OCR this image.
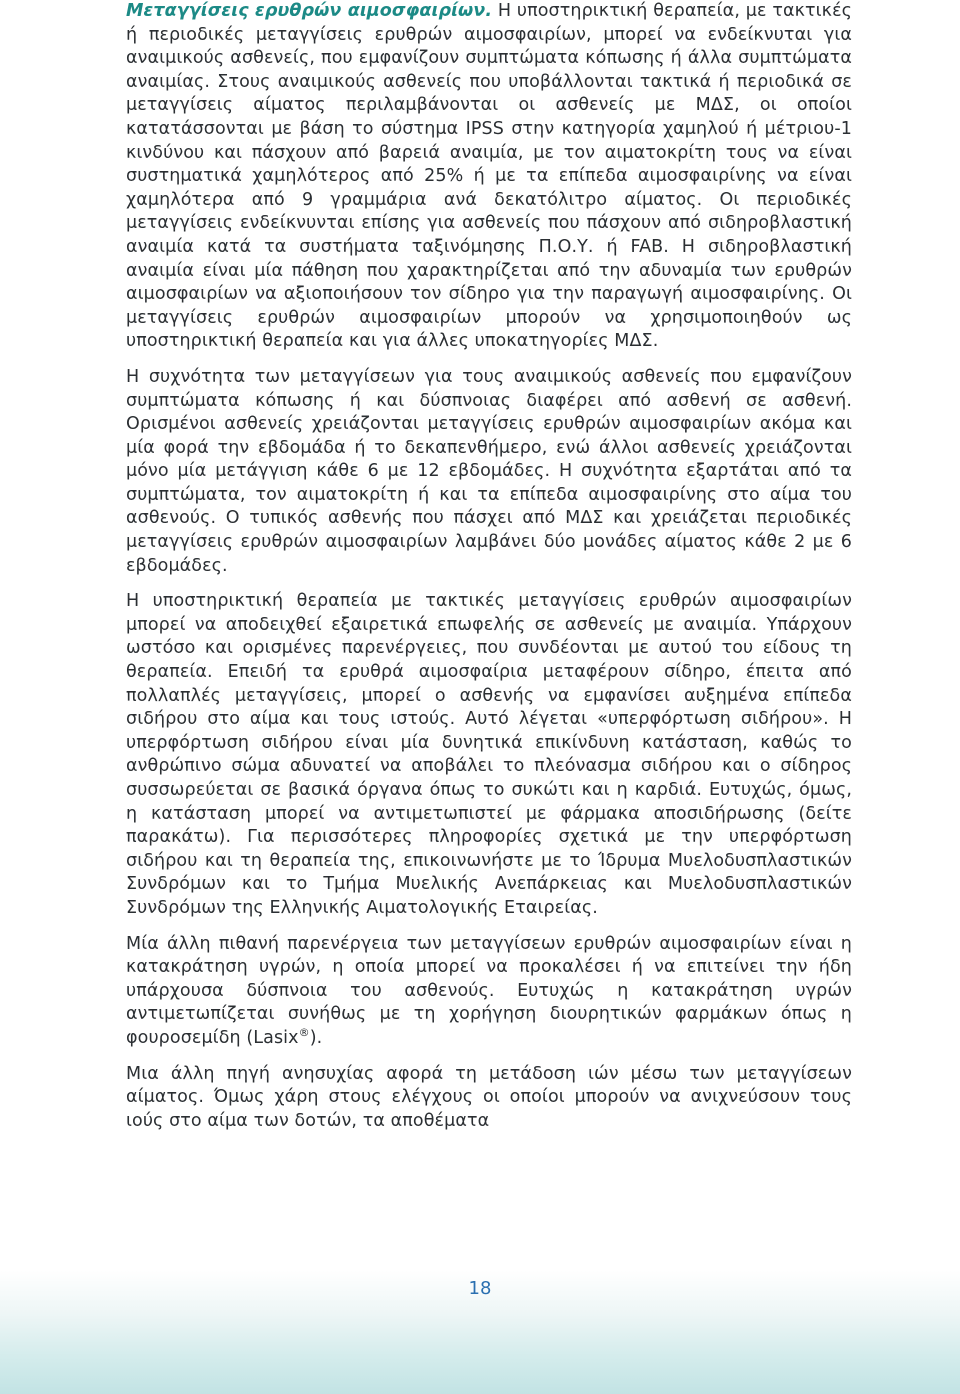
Μεταγγίσεις ερυθρών αιμοσφαιρίων. Η υποστηρικτική θεραπεία, με τακτικές ή περιοδικές μεταγγίσεις ερυθρών αιμοσφαιρίων, μπορεί να ενδείκνυται για αναιμικούς ασθενείς, που εμφανίζουν συμπτώματα κόπωσης ή άλλα συμπτώματα αναιμίας. Στους αναιμικούς ασθενείς που υποβάλλονται τακτικά ή περιοδικά σε μεταγγίσεις αίματος περιλαμβάνονται οι ασθενείς με ΜΔΣ, οι οποίοι κατατάσσονται με βάση το σύστημα IPSS στην κατηγορία χαμηλού ή μέτριου-1 κινδύνου και πάσχουν από βαρειά αναιμία, με τον αιματοκρίτη τους να είναι συστηματικά χαμηλότερος από 25% ή με τα επίπεδα αιμοσφαιρίνης να είναι χαμηλότερα από 9 γραμμάρια ανά δεκατόλιτρο αίματος. Οι περιοδικές μεταγγίσεις ενδείκνυνται επίσης για ασθενείς που πάσχουν από σιδηροβλαστική αναιμία κατά τα συστήματα ταξινόμησης Π.Ο.Υ. ή FAB. Η σιδηροβλαστική αναιμία είναι μία πάθηση που χαρακτηρίζεται από την αδυναμία των ερυθρών αιμοσφαιρίων να αξιοποιήσουν τον σίδηρο για την παραγωγή αιμοσφαιρίνης. Οι μεταγγίσεις ερυθρών αιμοσφαιρίων μπορούν να χρησιμοποιηθούν ως υποστηρικτική θεραπεία και για άλλες υποκατηγορίες ΜΔΣ.

Η συχνότητα των μεταγγίσεων για τους αναιμικούς ασθενείς που εμφανίζουν συμπτώματα κόπωσης ή και δύσπνοιας διαφέρει από ασθενή σε ασθενή. Ορισμένοι ασθενείς χρειάζονται μεταγγίσεις ερυθρών αιμοσφαιρίων ακόμα και μία φορά την εβδομάδα ή το δεκαπενθήμερο, ενώ άλλοι ασθενείς χρειάζονται μόνο μία μετάγγιση κάθε 6 με 12 εβδομάδες. Η συχνότητα εξαρτάται από τα συμπτώματα, τον αιματοκρίτη ή και τα επίπεδα αιμοσφαιρίνης στο αίμα του ασθενούς. Ο τυπικός ασθενής που πάσχει από ΜΔΣ και χρειάζεται περιοδικές μεταγγίσεις ερυθρών αιμοσφαιρίων λαμβάνει δύο μονάδες αίματος κάθε 2 με 6 εβδομάδες.

Η υποστηρικτική θεραπεία με τακτικές μεταγγίσεις ερυθρών αιμοσφαιρίων μπορεί να αποδειχθεί εξαιρετικά επωφελής σε ασθενείς με αναιμία. Υπάρχουν ωστόσο και ορισμένες παρενέργειες, που συνδέονται με αυτού του είδους τη θεραπεία. Επειδή τα ερυθρά αιμοσφαίρια μεταφέρουν σίδηρο, έπειτα από πολλαπλές μεταγγίσεις, μπορεί ο ασθενής να εμφανίσει αυξημένα επίπεδα σιδήρου στο αίμα και τους ιστούς. Αυτό λέγεται «υπερφόρτωση σιδήρου». Η υπερφόρτωση σιδήρου είναι μία δυνητικά επικίνδυνη κατάσταση, καθώς το ανθρώπινο σώμα αδυνατεί να αποβάλει το πλεόνασμα σιδήρου και ο σίδηρος συσσωρεύεται σε βασικά όργανα όπως το συκώτι και η καρδιά. Ευτυχώς, όμως, η κατάσταση μπορεί να αντιμετωπιστεί με φάρμακα αποσιδήρωσης (δείτε παρακάτω). Για περισσότερες πληροφορίες σχετικά με την υπερφόρτωση σιδήρου και τη θεραπεία της, επικοινωνήστε με το Ίδρυμα Μυελοδυσπλαστικών Συνδρόμων και το Τμήμα Μυελικής Ανεπάρκειας και Μυελοδυσπλαστικών Συνδρόμων της Ελληνικής Αιματολογικής Εταιρείας.

Μία άλλη πιθανή παρενέργεια των μεταγγίσεων ερυθρών αιμοσφαιρίων είναι η κατακράτηση υγρών, η οποία μπορεί να προκαλέσει ή να επιτείνει την ήδη υπάρχουσα δύσπνοια του ασθενούς. Ευτυχώς η κατακράτηση υγρών αντιμετωπίζεται συνήθως με τη χορήγηση διουρητικών φαρμάκων όπως η φουροσεμίδη (Lasix®).

Μια άλλη πηγή ανησυχίας αφορά τη μετάδοση ιών μέσω των μεταγγίσεων αίματος. Όμως χάρη στους ελέγχους οι οποίοι μπορούν να ανιχνεύσουν τους ιούς στο αίμα των δοτών, τα αποθέματα

18
